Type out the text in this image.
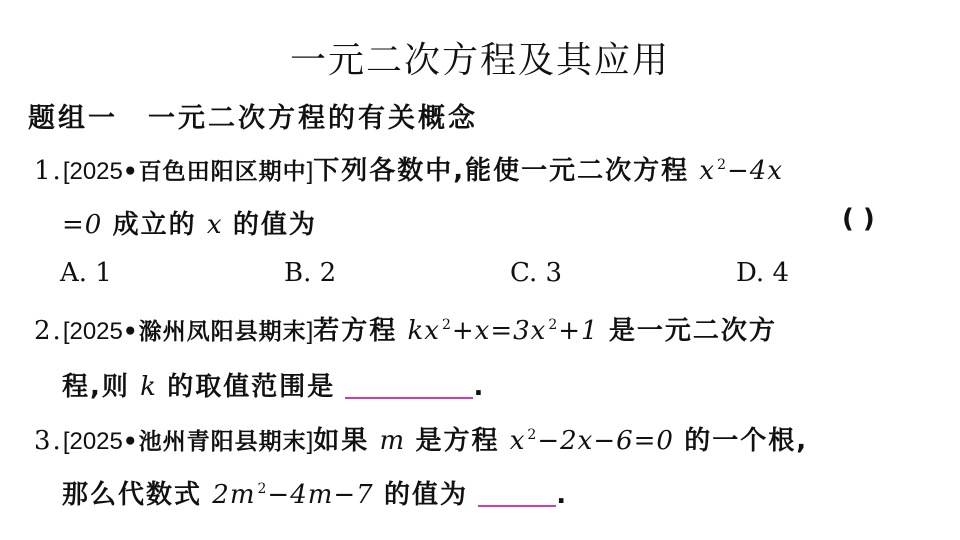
一元二次方程及其应用
题组一 一元二次方程的有关概念
1.[2025•百色田阳区期中]下列各数中,能使一元二次方程 x $^2$−4x
=0 成立的 x 的值为	( )
A. 1	B. 2	C. 3	D. 4
2.[2025•滁州凤阳县期末]若方程 kx $^2$+x=3x $^2$+1 是一元二次方
程,则 k 的取值范围是	.
3.[2025•池州青阳县期末]如果 m 是方程 x $^2$−2x−6=0 的一个根,
那么代数式 2m $^2$−4m−7 的值为	.
